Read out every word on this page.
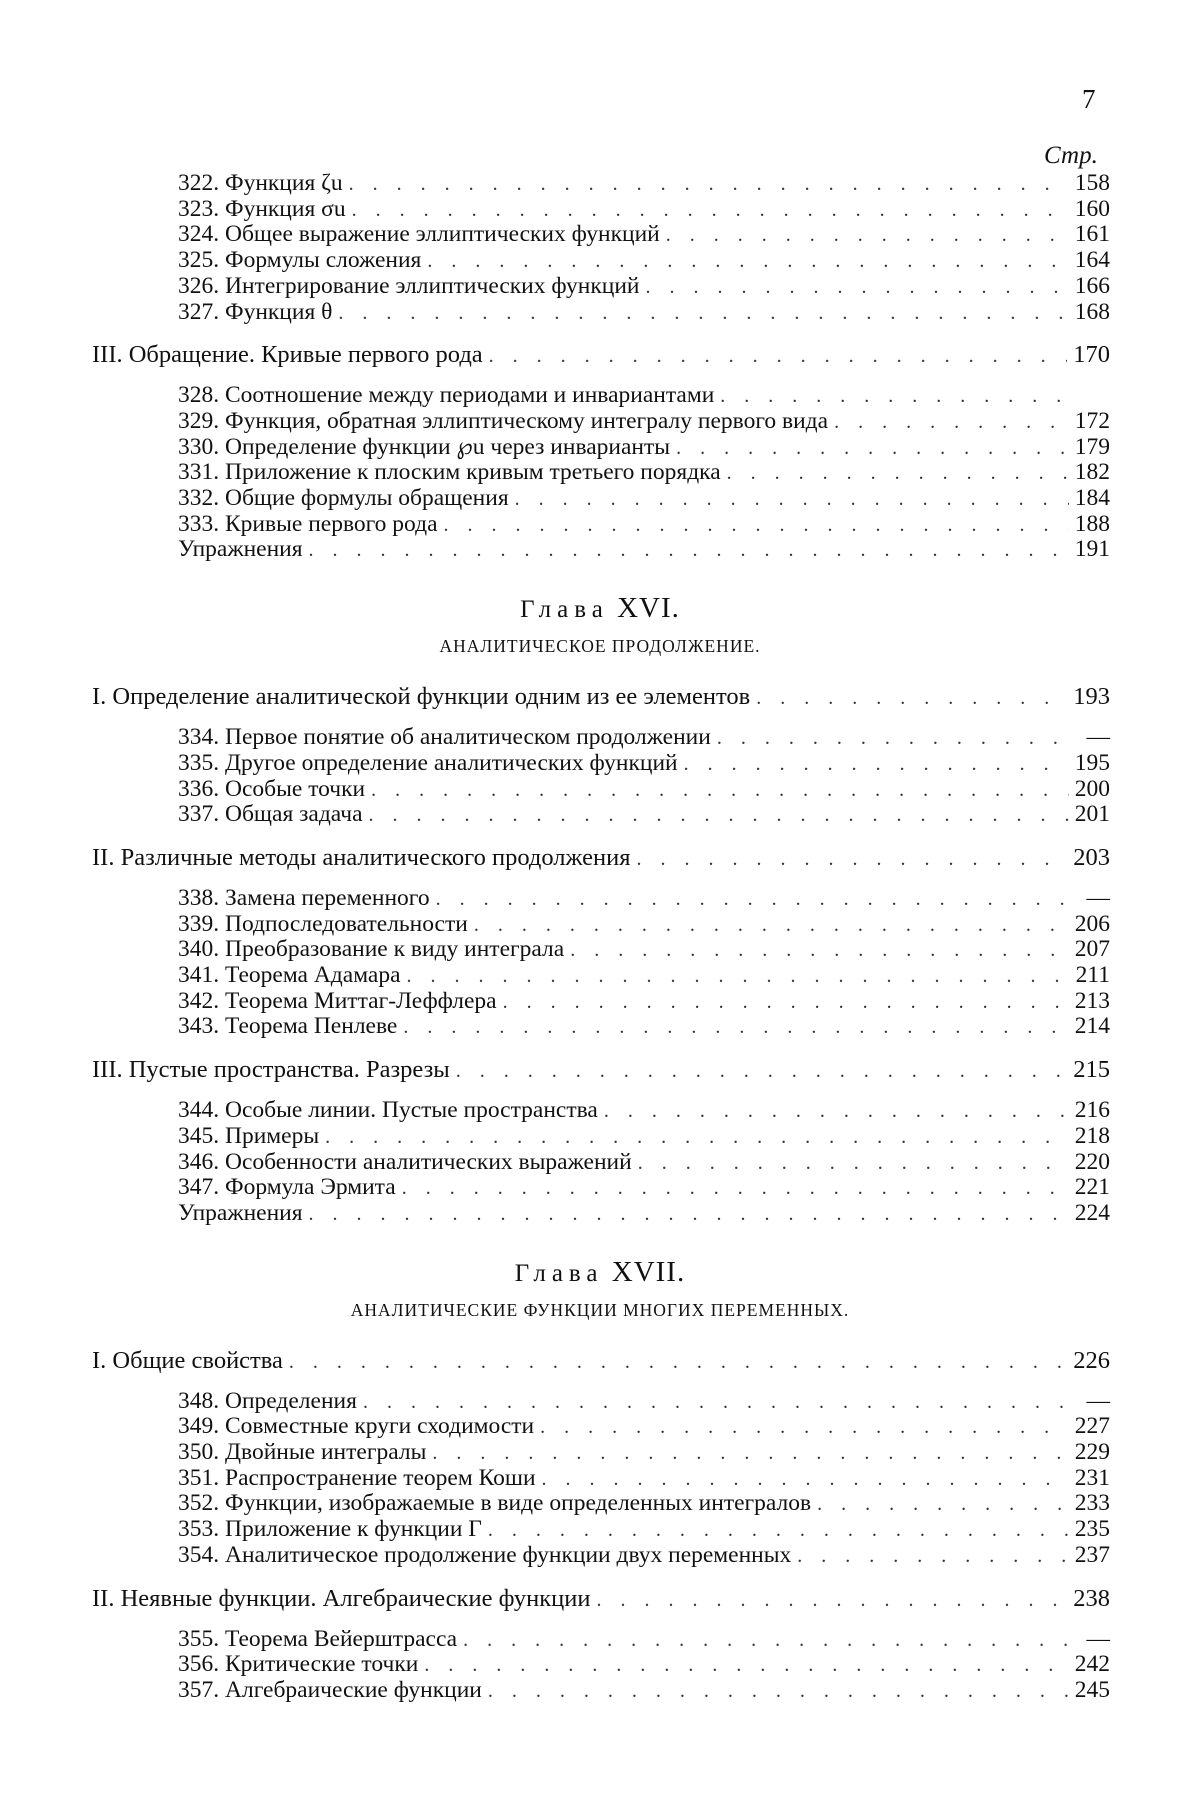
7
Стр.
322. Функция ζu
. . .	158
323. Функция σu
. . .	160
324. Общее выражение эллиптических функций
. . .	161
325. Формулы сложения
. . .	164
326. Интегрирование эллиптических функций
. . .	166
327. Функция θ
. . .	168
III. Обращение. Кривые первого рода
. . .	170
328. Соотношение между периодами и инвариантами
. . .
329. Функция, обратная эллиптическому интегралу первого вида
. . .	172
330. Определение функции ℘u через инварианты
. . .	179
331. Приложение к плоским кривым третьего порядка
. . .	182
332. Общие формулы обращения
. . .	184
333. Кривые первого рода
. . .	188
Упражнения
. . .	191
Глава XVI.
АНАЛИТИЧЕСКОЕ ПРОДОЛЖЕНИЕ.
I. Определение аналитической функции одним из ее элементов
. . .	193
334. Первое понятие об аналитическом продолжении
. . .	—
335. Другое определение аналитических функций
. . .	195
336. Особые точки
. . .	200
337. Общая задача
. . .	201
II. Различные методы аналитического продолжения
. . .	203
338. Замена переменного
. . .	—
339. Подпоследовательности
. . .	206
340. Преобразование к виду интеграла
. . .	207
341. Теорема Адамара
. . .	211
342. Теорема Миттаг-Леффлера
. . .	213
343. Теорема Пенлеве
. . .	214
III. Пустые пространства. Разрезы
. . .	215
344. Особые линии. Пустые пространства
. . .	216
345. Примеры
. . .	218
346. Особенности аналитических выражений
. . .	220
347. Формула Эрмита
. . .	221
Упражнения
. . .	224
Глава XVII.
АНАЛИТИЧЕСКИЕ ФУНКЦИИ МНОГИХ ПЕРЕМЕННЫХ.
I. Общие свойства
. . .	226
348. Определения
. . .	—
349. Совместные круги сходимости
. . .	227
350. Двойные интегралы
. . .	229
351. Распространение теорем Коши
. . .	231
352. Функции, изображаемые в виде определенных интегралов
. . .	233
353. Приложение к функции Γ
. . .	235
354. Аналитическое продолжение функции двух переменных
. . .	237
II. Неявные функции. Алгебраические функции
. . .	238
355. Теорема Вейерштрасса
. . .	—
356. Критические точки
. . .	242
357. Алгебраические функции
. . .	245
